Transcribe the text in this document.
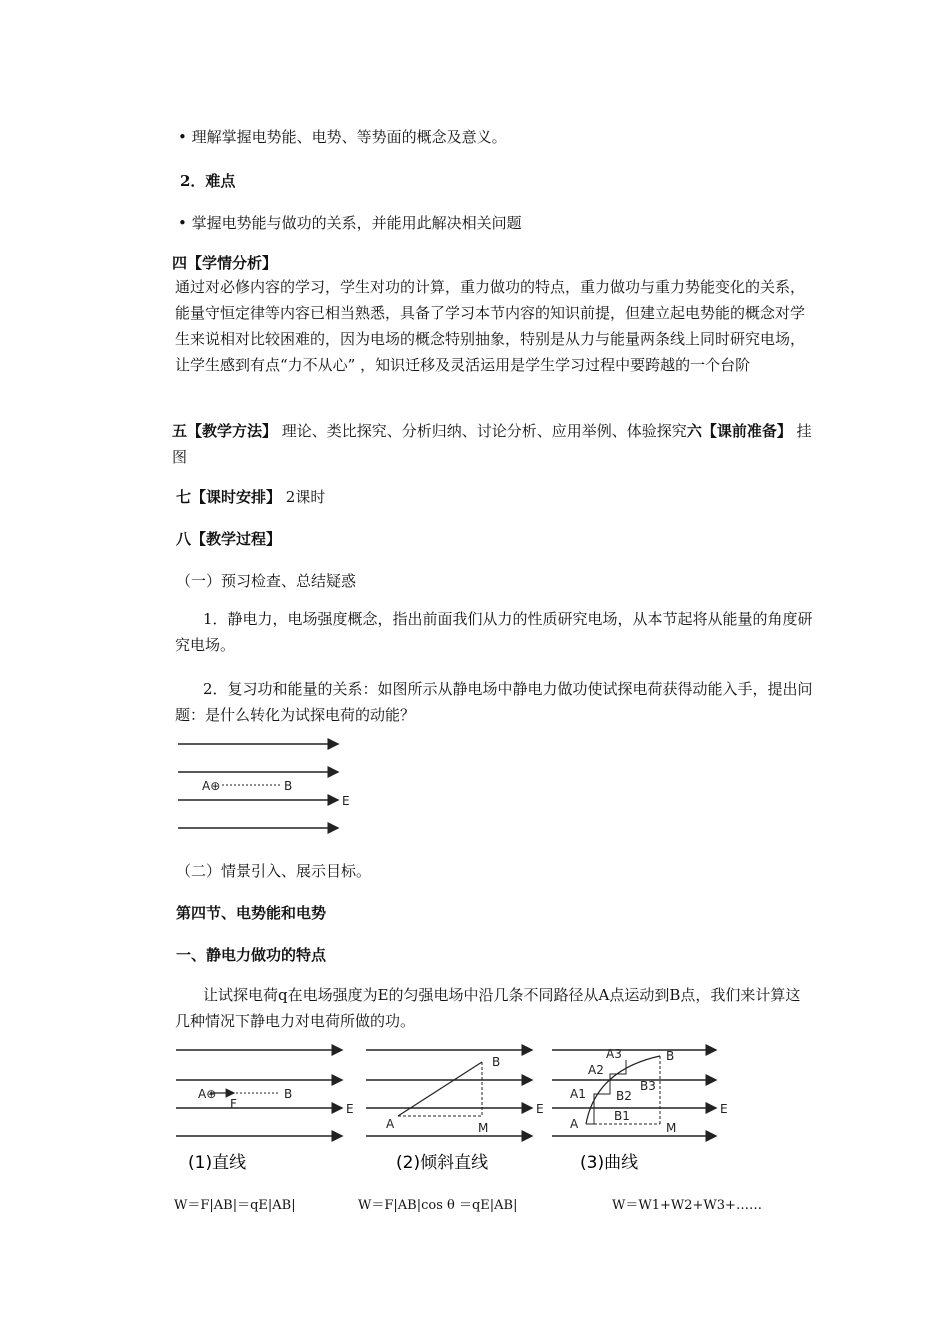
• 理解掌握电势能、电势、等势面的概念及意义。
2．难点
• 掌握电势能与做功的关系，并能用此解决相关问题
四【学情分析】
通过对必修内容的学习，学生对功的计算，重力做功的特点，重力做功与重力势能变化的关系，能量守恒定律等内容已相当熟悉，具备了学习本节内容的知识前提，但建立起电势能的概念对学生来说相对比较困难的，因为电场的概念特别抽象，特别是从力与能量两条线上同时研究电场，让学生感到有点“力不从心” ，知识迁移及灵活运用是学生学习过程中要跨越的一个台阶
五【教学方法】 理论、类比探究、分析归纳、讨论分析、应用举例、体验探究六【课前准备】 挂图
七【课时安排】 2课时
八【教学过程】
（一）预习检查、总结疑惑
1．静电力，电场强度概念，指出前面我们从力的性质研究电场，从本节起将从能量的角度研究电场。
2．复习功和能量的关系：如图所示从静电场中静电力做功使试探电荷获得动能入手，提出问题：是什么转化为试探电荷的动能？
A⊕	B
E
（二）情景引入、展示目标。
第四节、电势能和电势
一、静电力做功的特点
让试探电荷q在电场强度为E的匀强电场中沿几条不同路径从A点运动到B点，我们来计算这几种情况下静电力对电荷所做的功。
A⊕
F
B
E
(1)直线
A
B
M
E
(2)倾斜直线
A
A1
A2
A3	B
B1
B2
B3
M
E
(3)曲线
W＝F|AB|＝qE|AB|	W＝F|AB|cos θ ＝qE|AB|	W＝W1+W2+W3+……
